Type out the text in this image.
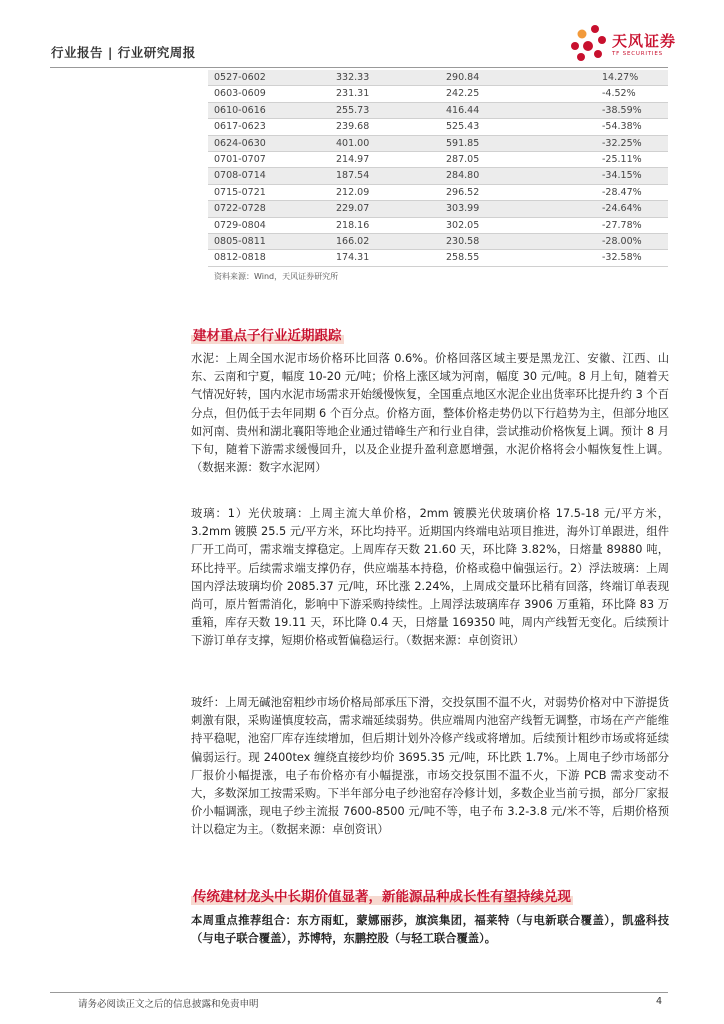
行业报告 | 行业研究周报
天风证券
TF SECURITIES
0527-0602	332.33	290.84	14.27%
0603-0609	231.31	242.25	-4.52%
0610-0616	255.73	416.44	-38.59%
0617-0623	239.68	525.43	-54.38%
0624-0630	401.00	591.85	-32.25%
0701-0707	214.97	287.05	-25.11%
0708-0714	187.54	284.80	-34.15%
0715-0721	212.09	296.52	-28.47%
0722-0728	229.07	303.99	-24.64%
0729-0804	218.16	302.05	-27.78%
0805-0811	166.02	230.58	-28.00%
0812-0818	174.31	258.55	-32.58%
资料来源：Wind，天风证券研究所
建材重点子行业近期跟踪
水泥：上周全国水泥市场价格环比回落 0.6%。价格回落区域主要是黑龙江、安徽、江西、山东、云南和宁夏，幅度 10-20 元/吨；价格上涨区域为河南，幅度 30 元/吨。8 月上旬，随着天气情况好转，国内水泥市场需求开始缓慢恢复，全国重点地区水泥企业出货率环比提升约 3 个百分点，但仍低于去年同期 6 个百分点。价格方面，整体价格走势仍以下行趋势为主，但部分地区如河南、贵州和湖北襄阳等地企业通过错峰生产和行业自律，尝试推动价格恢复上调。预计 8 月下旬，随着下游需求缓慢回升，以及企业提升盈利意愿增强，水泥价格将会小幅恢复性上调。（数据来源：数字水泥网）
玻璃：1）光伏玻璃：上周主流大单价格，2mm 镀膜光伏玻璃价格 17.5-18 元/平方米，3.2mm 镀膜 25.5 元/平方米，环比均持平。近期国内终端电站项目推进，海外订单跟进，组件厂开工尚可，需求端支撑稳定。上周库存天数 21.60 天，环比降 3.82%，日熔量 89880 吨，环比持平。后续需求端支撑仍存，供应端基本持稳，价格或稳中偏强运行。2）浮法玻璃：上周国内浮法玻璃均价 2085.37 元/吨，环比涨 2.24%，上周成交量环比稍有回落，终端订单表现尚可，原片暂需消化，影响中下游采购持续性。上周浮法玻璃库存 3906 万重箱，环比降 83 万重箱，库存天数 19.11 天，环比降 0.4 天，日熔量 169350 吨，周内产线暂无变化。后续预计下游订单存支撑，短期价格或暂偏稳运行。（数据来源：卓创资讯）
玻纤：上周无碱池窑粗纱市场价格局部承压下滑，交投氛围不温不火，对弱势价格对中下游提货刺激有限，采购谨慎度较高，需求端延续弱势。供应端周内池窑产线暂无调整，市场在产产能维持平稳呢，池窑厂库存连续增加，但后期计划外冷修产线或将增加。后续预计粗纱市场或将延续偏弱运行。现 2400tex 缠绕直接纱均价 3695.35 元/吨，环比跌 1.7%。上周电子纱市场部分厂报价小幅提涨，电子布价格亦有小幅提涨，市场交投氛围不温不火，下游 PCB 需求变动不大，多数深加工按需采购。下半年部分电子纱池窑存冷修计划，多数企业当前亏损，部分厂家报价小幅调涨，现电子纱主流报 7600-8500 元/吨不等，电子布 3.2-3.8 元/米不等，后期价格预计以稳定为主。（数据来源：卓创资讯）
传统建材龙头中长期价值显著，新能源品种成长性有望持续兑现
本周重点推荐组合：东方雨虹，蒙娜丽莎，旗滨集团，福莱特（与电新联合覆盖），凯盛科技（与电子联合覆盖），苏博特，东鹏控股（与轻工联合覆盖）。
请务必阅读正文之后的信息披露和免责申明	4
